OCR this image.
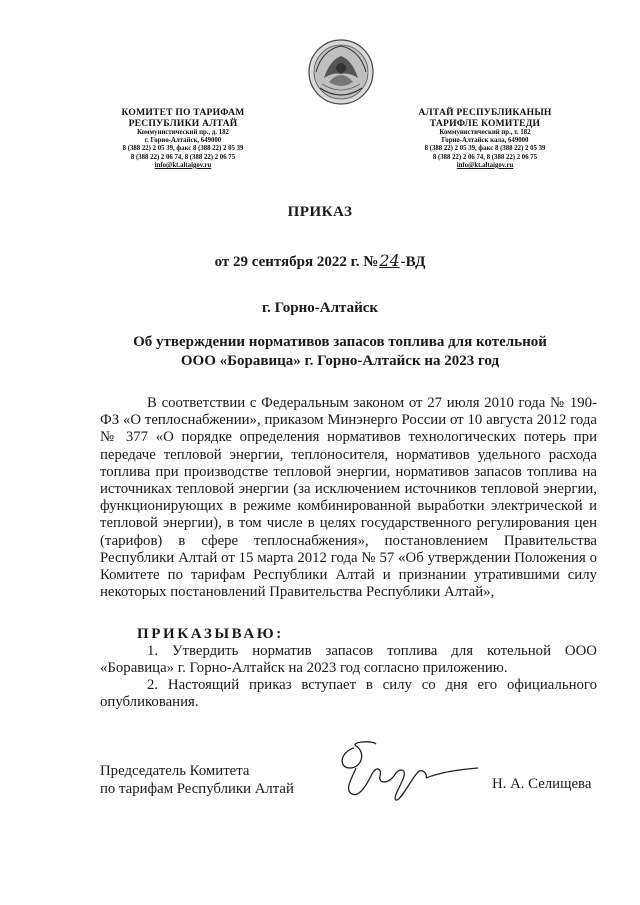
КОМИТЕТ ПО ТАРИФАМ
РЕСПУБЛИКИ АЛТАЙ
Коммунистический пр., д. 182
г. Горно-Алтайск, 649000
8 (388 22) 2 05 39, факс 8 (388 22) 2 05 39
8 (388 22) 2 06 74, 8 (388 22) 2 06 75
info@kt.altaigov.ru
АЛТАЙ РЕСПУБЛИКАНЫН
ТАРИФЛЕ КОМИТЕДИ
Коммунистический пр., т. 182
Горно-Алтайск кала, 649000
8 (388 22) 2 05 39, факс 8 (388 22) 2 05 39
8 (388 22) 2 06 74, 8 (388 22) 2 06 75
info@kt.altaigov.ru
ПРИКАЗ
от 29 сентября 2022 г. №24-ВД
г. Горно-Алтайск
Об утверждении нормативов запасов топлива для котельной
ООО «Боравица» г. Горно-Алтайск на 2023 год
В соответствии с Федеральным законом от 27 июля 2010 года № 190-ФЗ «О теплоснабжении», приказом Минэнерго России от 10 августа 2012 года № 377 «О порядке определения нормативов технологических потерь при передаче тепловой энергии, теплоносителя, нормативов удельного расхода топлива при производстве тепловой энергии, нормативов запасов топлива на источниках тепловой энергии (за исключением источников тепловой энергии, функционирующих в режиме комбинированной выработки электрической и тепловой энергии), в том числе в целях государственного регулирования цен (тарифов) в сфере теплоснабжения», постановлением Правительства Республики Алтай от 15 марта 2012 года № 57 «Об утверждении Положения о Комитете по тарифам Республики Алтай и признании утратившими силу некоторых постановлений Правительства Республики Алтай»,
ПРИКАЗЫВАЮ:
1. Утвердить норматив запасов топлива для котельной ООО «Боравица» г. Горно-Алтайск на 2023 год согласно приложению.
2. Настоящий приказ вступает в силу со дня его официального опубликования.
Председатель Комитета
по тарифам Республики Алтай	Н. А. Селищева
